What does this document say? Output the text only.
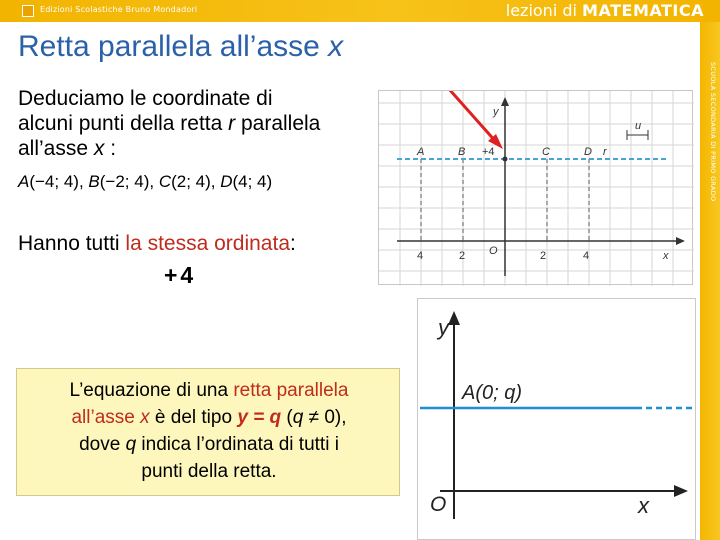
Edizioni Scolastiche Bruno Mondadori	lezioni di MATEMATICA
SCUOLA SECONDARIA DI PRIMO GRADO
Retta parallela all’asse x
Deduciamo le coordinate di
alcuni punti della retta r parallela
all’asse x :
A(−4; 4), B(−2; 4), C(2; 4), D(4; 4)
Hanno tutti la stessa ordinata:
+4
L’equazione di una retta parallela
all’asse x è del tipo y = q (q ≠ 0),
dove q indica l’ordinata di tutti i
punti della retta.
u
y
x
O
A	B	C	D r
+4
4	2	2	4
y
x
O
A(0; q)
